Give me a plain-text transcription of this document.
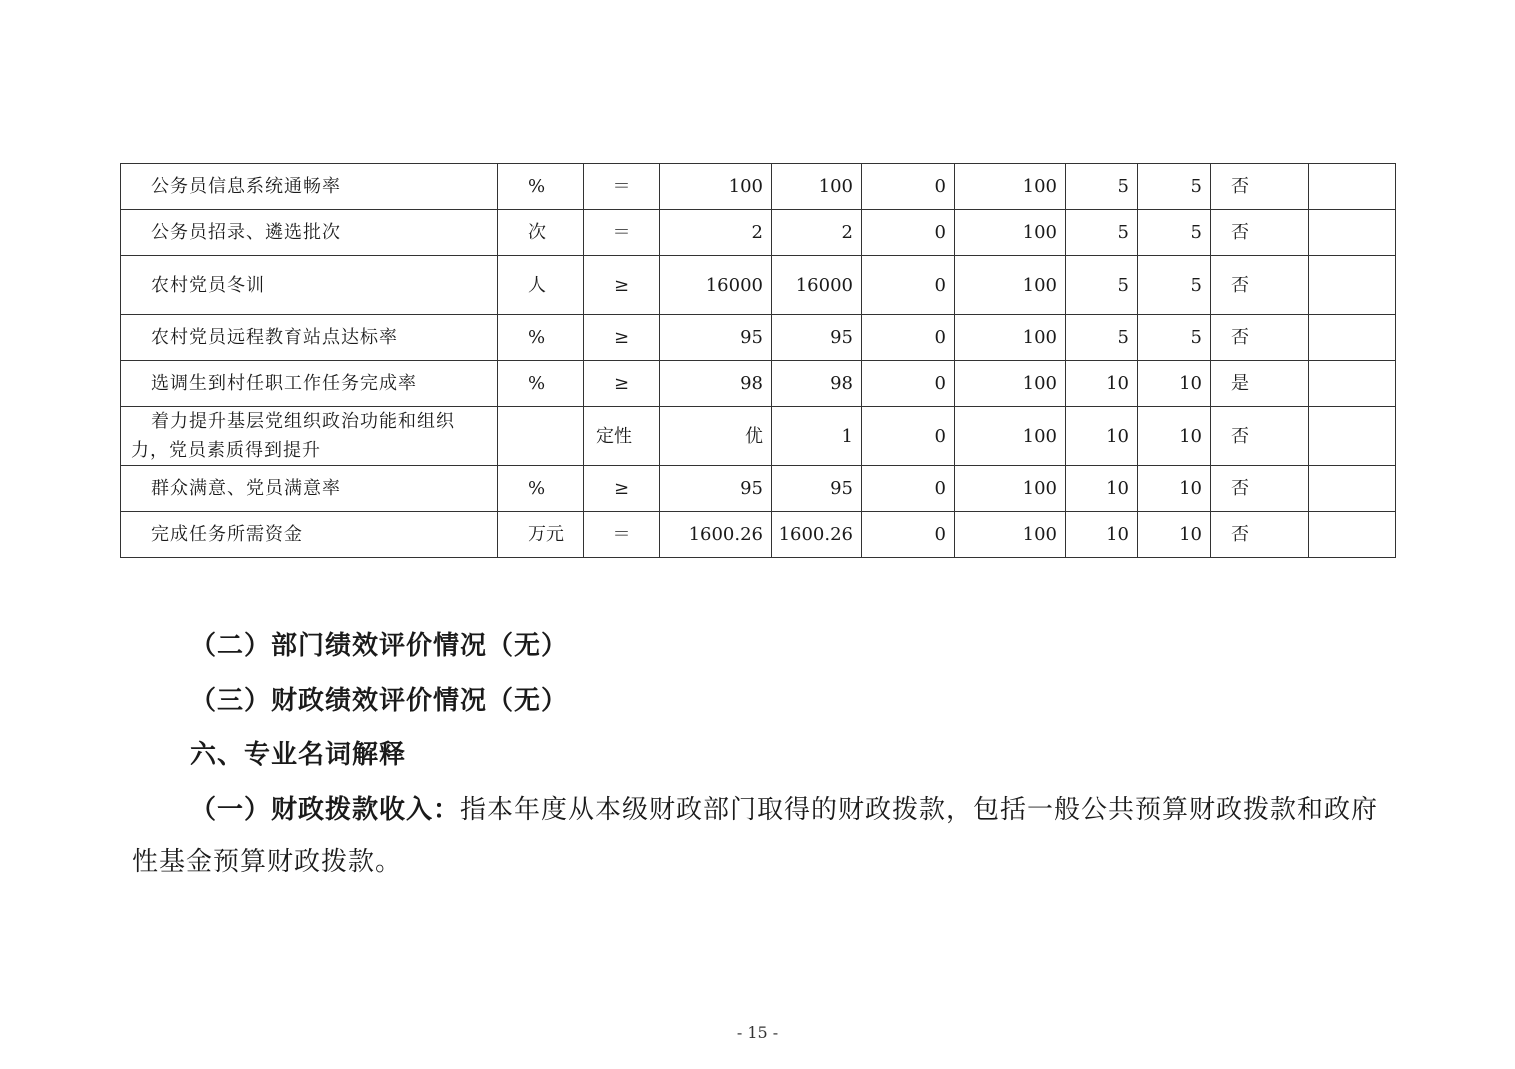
公务员信息系统通畅率	%	＝	100	100	0	100	5	5	否	
公务员招录、遴选批次	次	＝	2	2	0	100	5	5	否	
农村党员冬训	人	≥	16000	16000	0	100	5	5	否	
农村党员远程教育站点达标率	%	≥	95	95	0	100	5	5	否	
选调生到村任职工作任务完成率	%	≥	98	98	0	100	10	10	是	
着力提升基层党组织政治功能和组织力，党员素质得到提升		定性	优	1	0	100	10	10	否	
群众满意、党员满意率	%	≥	95	95	0	100	10	10	否	
完成任务所需资金	万元	＝	1600.26	1600.26	0	100	10	10	否	
（二）部门绩效评价情况（无）
（三）财政绩效评价情况（无）
六、专业名词解释
（一）财政拨款收入：指本年度从本级财政部门取得的财政拨款，包括一般公共预算财政拨款和政府性基金预算财政拨款。
- 15 -
